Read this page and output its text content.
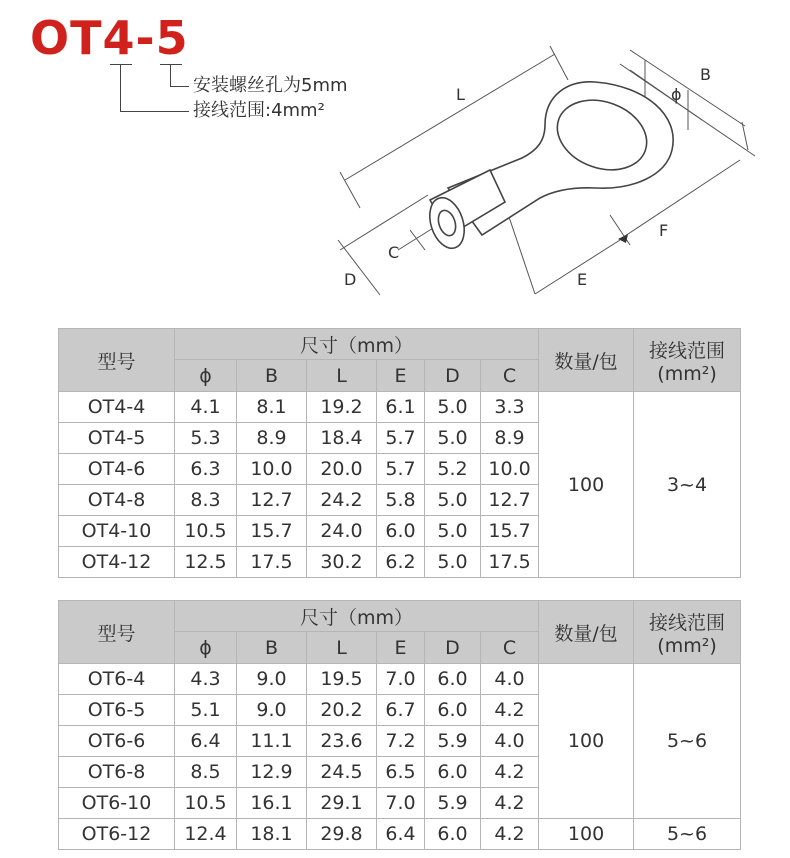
OT4-5
安装螺丝孔为5mm
接线范围:4mm²
L
B
ϕ
C
D	E
F
型号	尺寸（mm）						数量/包	接线范围
(mm²)

	ϕ	B	L	E	D	C		
OT4-4	4.1	8.1	19.2	6.1	5.0	3.3	100	3~4
OT4-5	5.3	8.9	18.4	5.7	5.0	8.9		
OT4-6	6.3	10.0	20.0	5.7	5.2	10.0		
OT4-8	8.3	12.7	24.2	5.8	5.0	12.7		
OT4-10	10.5	15.7	24.0	6.0	5.0	15.7		
OT4-12	12.5	17.5	30.2	6.2	5.0	17.5		
型号	尺寸（mm）						数量/包	接线范围
(mm²)

	ϕ	B	L	E	D	C		
OT6-4	4.3	9.0	19.5	7.0	6.0	4.0	100	5~6
OT6-5	5.1	9.0	20.2	6.7	6.0	4.2		
OT6-6	6.4	11.1	23.6	7.2	5.9	4.0		
OT6-8	8.5	12.9	24.5	6.5	6.0	4.2		
OT6-10	10.5	16.1	29.1	7.0	5.9	4.2		
OT6-12	12.4	18.1	29.8	6.4	6.0	4.2	100	5~6
